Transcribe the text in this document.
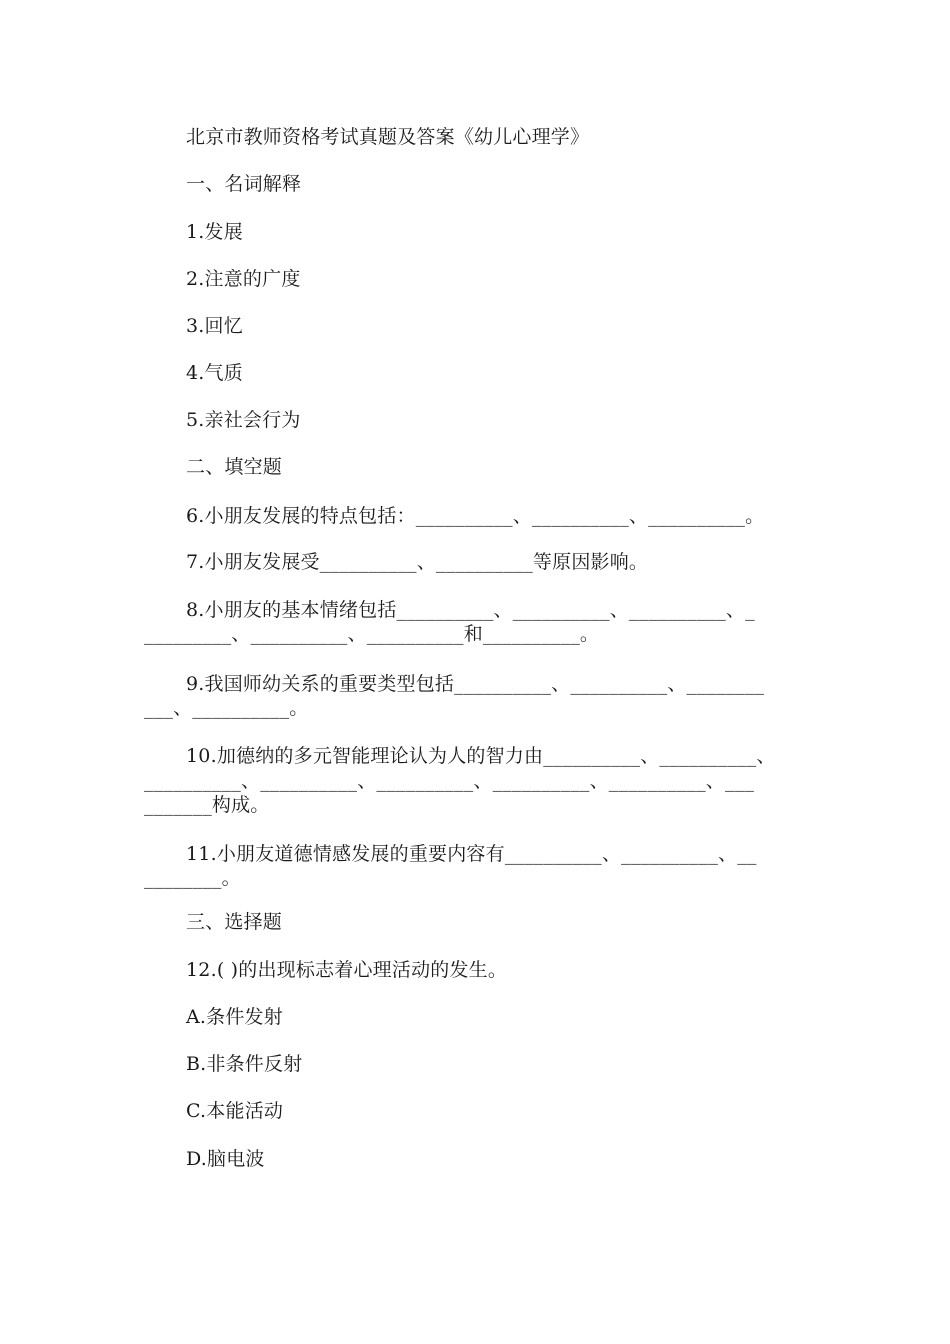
北京市教师资格考试真题及答案《幼儿心理学》
一、名词解释
1.发展
2.注意的广度
3.回忆
4.气质
5.亲社会行为
二、填空题
6.小朋友发展的特点包括：__________、__________、__________。
7.小朋友发展受__________、__________等原因影响。
8.小朋友的基本情绪包括__________、__________、__________、_
_________、__________、__________和__________。
9.我国师幼关系的重要类型包括__________、__________、________
___、__________。
10.加德纳的多元智能理论认为人的智力由__________、__________、
__________、__________、__________、__________、__________、___
_______构成。
11.小朋友道德情感发展的重要内容有__________、__________、__
________。
三、选择题
12.( )的出现标志着心理活动的发生。
A.条件发射
B.非条件反射
C.本能活动
D.脑电波
